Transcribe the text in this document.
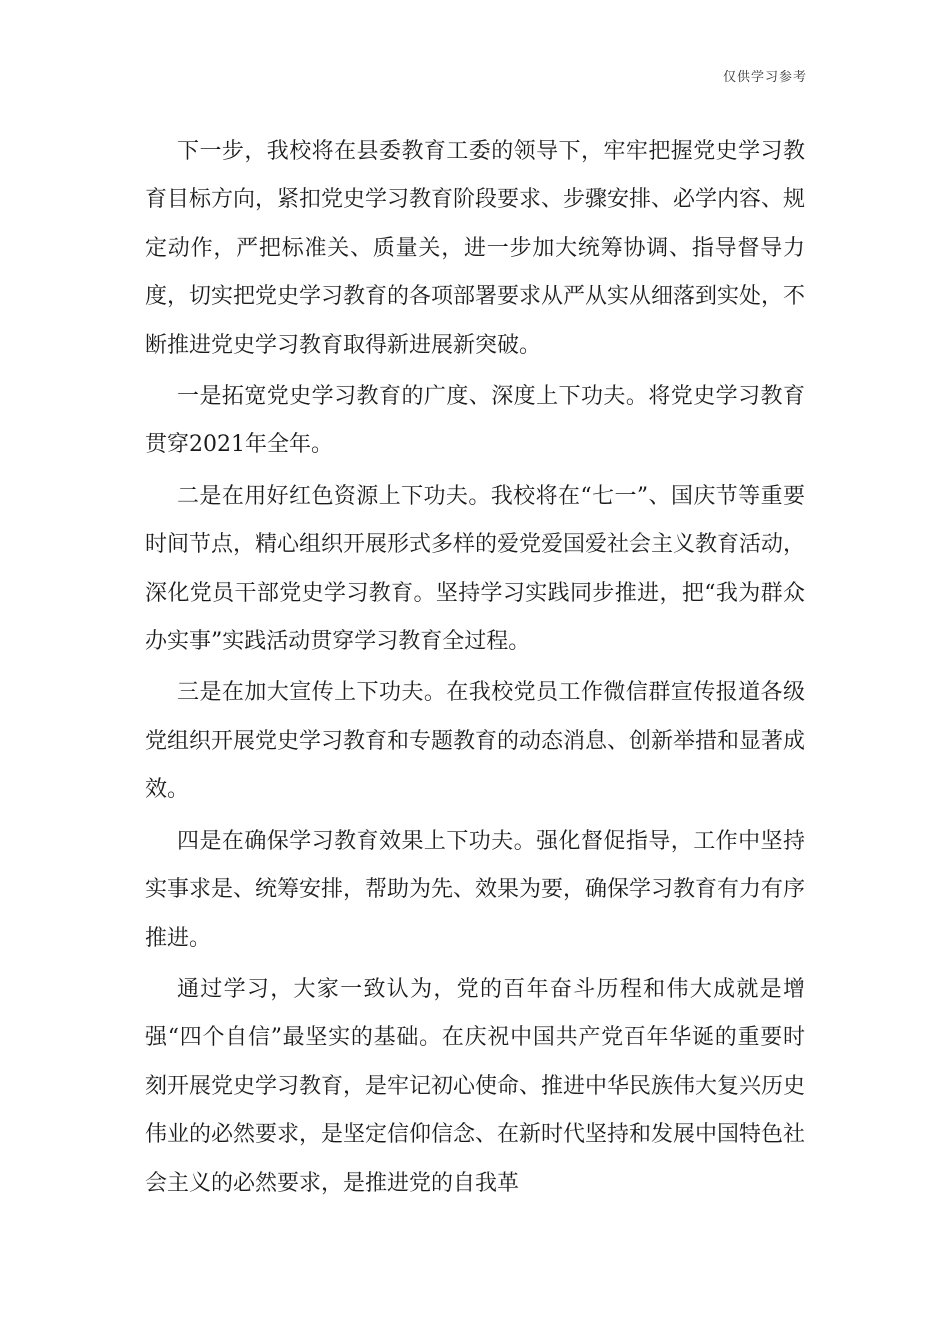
仅供学习参考

下一步，我校将在县委教育工委的领导下，牢牢把握党史学习教育目标方向，紧扣党史学习教育阶段要求、步骤安排、必学内容、规定动作，严把标准关、质量关，进一步加大统筹协调、指导督导力度，切实把党史学习教育的各项部署要求从严从实从细落到实处，不断推进党史学习教育取得新进展新突破。

一是拓宽党史学习教育的广度、深度上下功夫。将党史学习教育贯穿2021年全年。

二是在用好红色资源上下功夫。我校将在“七一”、国庆节等重要时间节点，精心组织开展形式多样的爱党爱国爱社会主义教育活动，深化党员干部党史学习教育。坚持学习实践同步推进，把“我为群众办实事”实践活动贯穿学习教育全过程。

三是在加大宣传上下功夫。在我校党员工作微信群宣传报道各级党组织开展党史学习教育和专题教育的动态消息、创新举措和显著成效。

四是在确保学习教育效果上下功夫。强化督促指导，工作中坚持实事求是、统筹安排，帮助为先、效果为要，确保学习教育有力有序推进。

通过学习，大家一致认为，党的百年奋斗历程和伟大成就是增强“四个自信”最坚实的基础。在庆祝中国共产党百年华诞的重要时刻开展党史学习教育，是牢记初心使命、推进中华民族伟大复兴历史伟业的必然要求，是坚定信仰信念、在新时代坚持和发展中国特色社会主义的必然要求，是推进党的自我革
